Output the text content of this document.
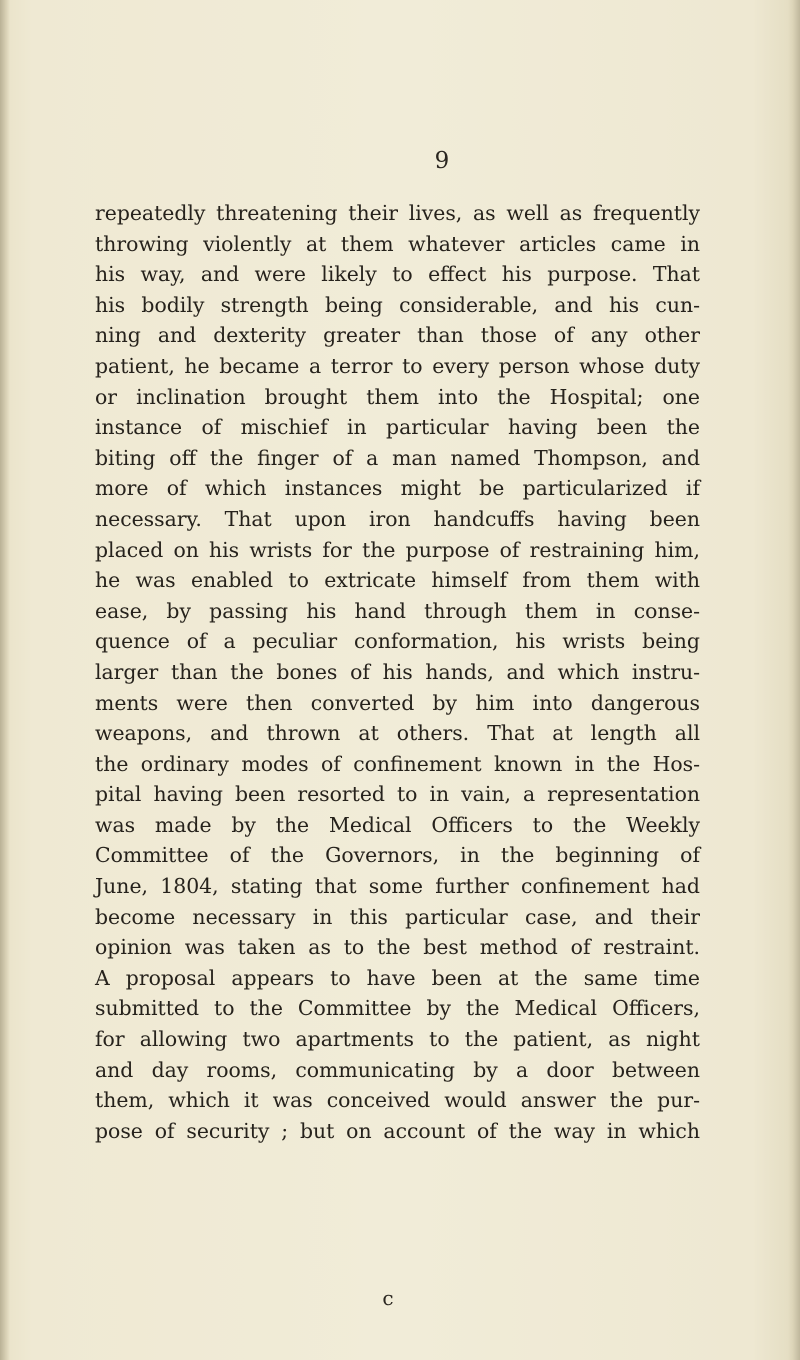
9

repeatedly threatening their lives, as well as frequently
throwing violently at them whatever articles came in
his way, and were likely to effect his purpose. That
his bodily strength being considerable, and his cun-
ning and dexterity greater than those of any other
patient, he became a terror to every person whose duty
or inclination brought them into the Hospital; one
instance of mischief in particular having been the
biting off the finger of a man named Thompson, and
more of which instances might be particularized if
necessary. That upon iron handcuffs having been
placed on his wrists for the purpose of restraining him,
he was enabled to extricate himself from them with
ease, by passing his hand through them in conse-
quence of a peculiar conformation, his wrists being
larger than the bones of his hands, and which instru-
ments were then converted by him into dangerous
weapons, and thrown at others. That at length all
the ordinary modes of confinement known in the Hos-
pital having been resorted to in vain, a representation
was made by the Medical Officers to the Weekly
Committee of the Governors, in the beginning of
June, 1804, stating that some further confinement had
become necessary in this particular case, and their
opinion was taken as to the best method of restraint.
A proposal appears to have been at the same time
submitted to the Committee by the Medical Officers,
for allowing two apartments to the patient, as night
and day rooms, communicating by a door between
them, which it was conceived would answer the pur-
pose of security ; but on account of the way in which

c
